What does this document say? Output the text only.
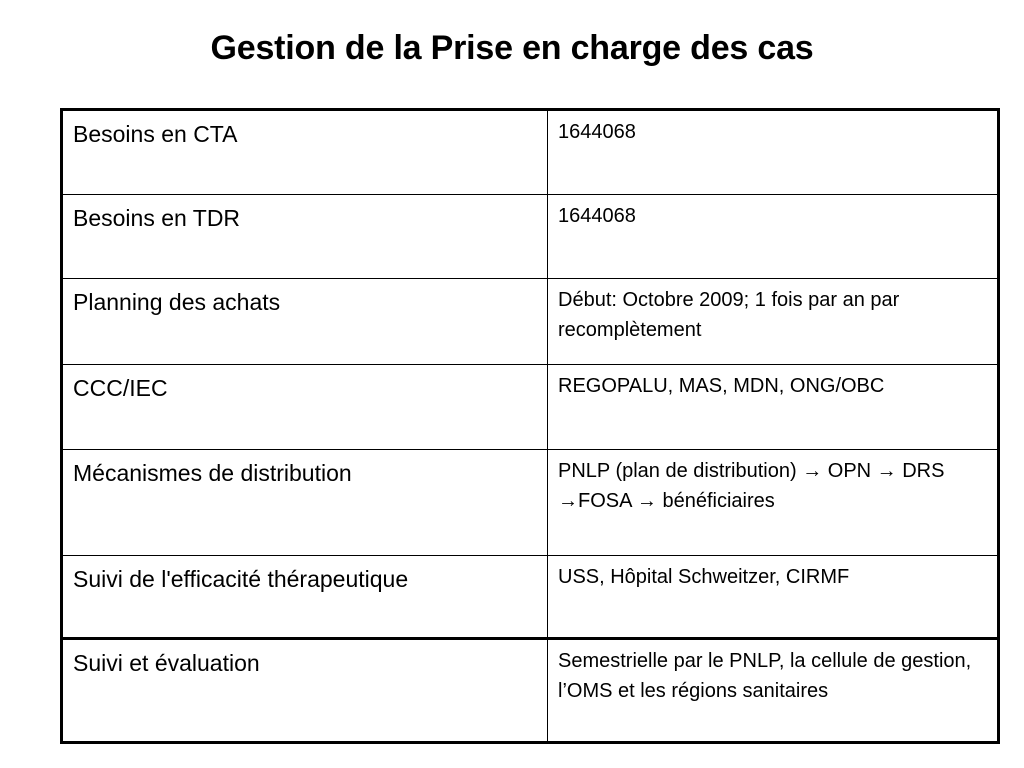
Gestion de la Prise en charge des cas
Besoins en CTA	1644068
Besoins en TDR	1644068
Planning des achats	Début: Octobre 2009; 1 fois par an par recomplètement
CCC/IEC	REGOPALU, MAS, MDN, ONG/OBC
Mécanismes de distribution	PNLP (plan de distribution) → OPN → DRS →FOSA → bénéficiaires
Suivi de l'efficacité thérapeutique	USS, Hôpital Schweitzer, CIRMF
Suivi et évaluation	Semestrielle par le PNLP, la cellule de gestion, l’OMS et les régions sanitaires
